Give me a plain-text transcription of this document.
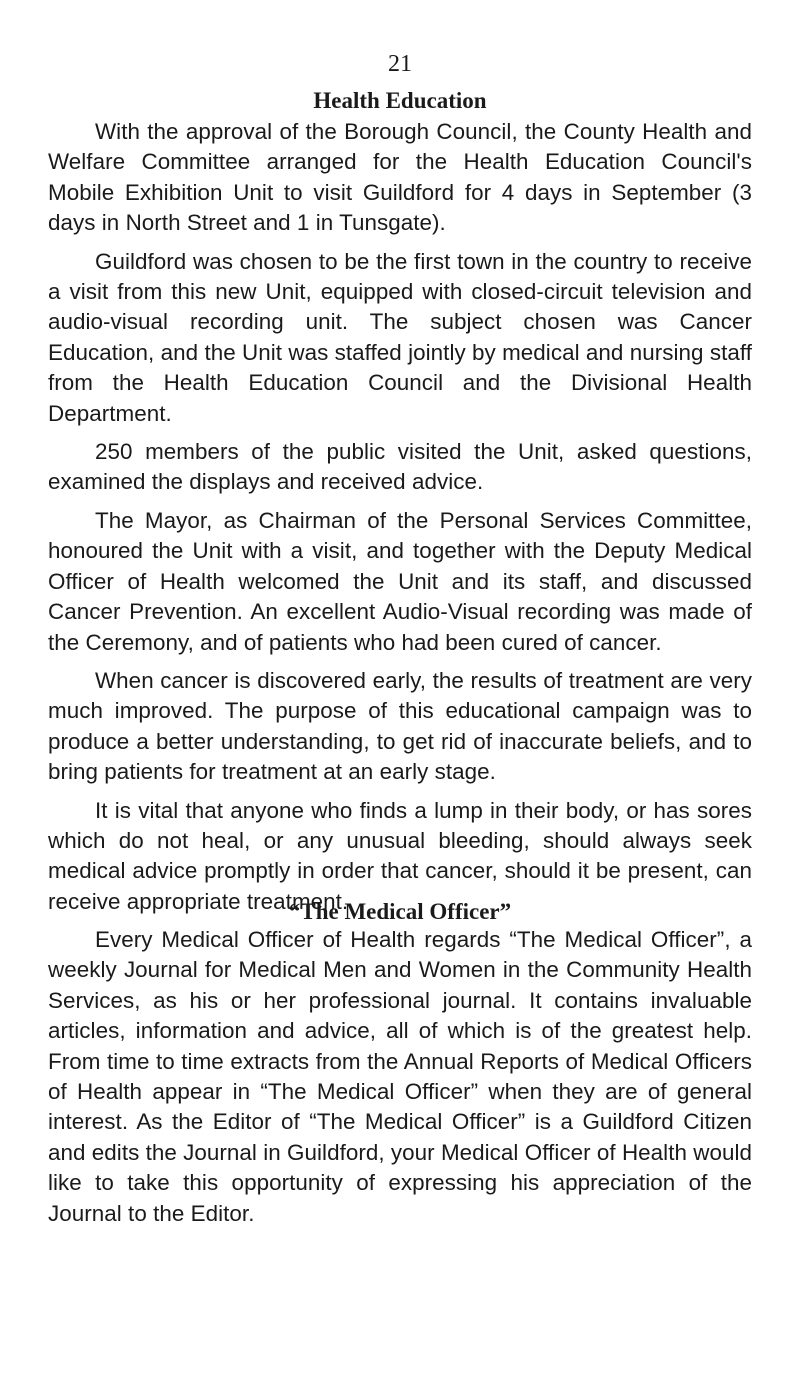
21
Health Education

With the approval of the Borough Council, the County Health and Welfare Committee arranged for the Health Education Council's Mobile Exhibition Unit to visit Guildford for 4 days in September (3 days in North Street and 1 in Tunsgate).

Guildford was chosen to be the first town in the country to receive a visit from this new Unit, equipped with closed-circuit television and audio-visual recording unit. The subject chosen was Cancer Education, and the Unit was staffed jointly by medical and nursing staff from the Health Education Council and the Divisional Health Department.

250 members of the public visited the Unit, asked questions, examined the displays and received advice.

The Mayor, as Chairman of the Personal Services Committee, honoured the Unit with a visit, and together with the Deputy Medical Officer of Health welcomed the Unit and its staff, and discussed Cancer Prevention. An excellent Audio-Visual recording was made of the Ceremony, and of patients who had been cured of cancer.

When cancer is discovered early, the results of treatment are very much improved. The purpose of this educational campaign was to produce a better understanding, to get rid of inaccurate beliefs, and to bring patients for treatment at an early stage.

It is vital that anyone who finds a lump in their body, or has sores which do not heal, or any unusual bleeding, should always seek medical advice promptly in order that cancer, should it be present, can receive appropriate treatment.

“The Medical Officer”

Every Medical Officer of Health regards “The Medical Officer”, a weekly Journal for Medical Men and Women in the Community Health Services, as his or her professional journal. It contains invaluable articles, information and advice, all of which is of the greatest help. From time to time extracts from the Annual Reports of Medical Officers of Health appear in “The Medical Officer” when they are of general interest. As the Editor of “The Medical Officer” is a Guildford Citizen and edits the Journal in Guildford, your Medical Officer of Health would like to take this opportunity of expressing his appreciation of the Journal to the Editor.
